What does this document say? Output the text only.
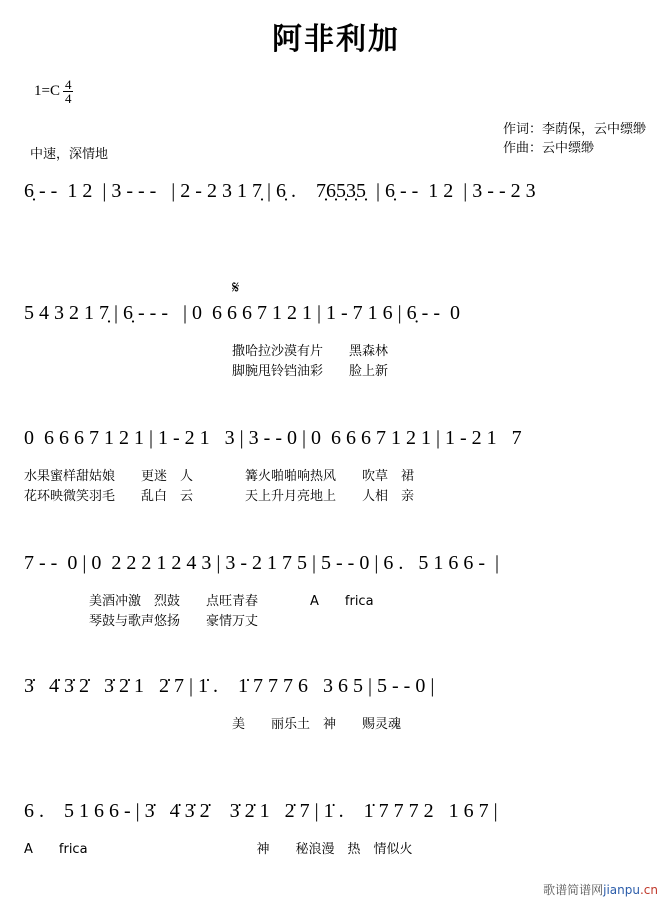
阿非利加
$1=C \frac{4}{4}$
中速，深情地
作词：李荫保，云中缥缈
作曲：云中缥缈
6̣ - -  1 2  | 3 - - -   | 2 - 2 3 1 7̣ | 6̣ .    7̣6̣5̣3̣5̣  | 6̣ - -  1 2  | 3 - - 2 3
𝄋
5 4 3 2 1 7̣ | 6̣ - - -   | 0  6 6 6 7 1 2 1 | 1 - 7 1 6 | 6̣ - -  0
　　　　　　　　　　　　　　　　撒哈拉沙漠有片　　黑森林
　　　　　　　　　　　　　　　　脚腕甩铃铛油彩　　脸上新
0  6 6 6 7 1 2 1 | 1 - 2 1   3 | 3 - - 0 | 0  6 6 6 7 1 2 1 | 1 - 2 1   7
水果蜜样甜姑娘　　更迷　人　　　　篝火啪啪响热风　　吹草　裙
花环映微笑羽毛　　乱白　云　　　　天上升月亮地上　　人相　亲
7 - -  0 | 0  2 2 2 1 2 4 3 | 3 - 2 1 7 5 | 5 - - 0 | 6 .   5 1 6 6 -  |
　　　　　美酒冲激　烈鼓　　点旺青春　　　　A　　frica
　　　　　琴鼓与歌声悠扬　　豪情万丈
3̇   4̇ 3̇ 2̇   3̇ 2̇ 1   2̇ 7 | 1̇ .    1̇ 7 7 7 6   3 6 5 | 5 - - 0 |
　　　　　　　　　　　　　　　　美　　丽乐土　神　　赐灵魂
6 .    5 1 6 6 - | 3̇   4̇ 3̇ 2̇    3̇ 2̇ 1   2̇ 7 | 1̇ .    1̇ 7 7 7 2   1 6 7 |
A　　frica　　　　　　　　　　　　　神　　秘浪漫　热　情似火
歌谱简谱网jianpu.cn
